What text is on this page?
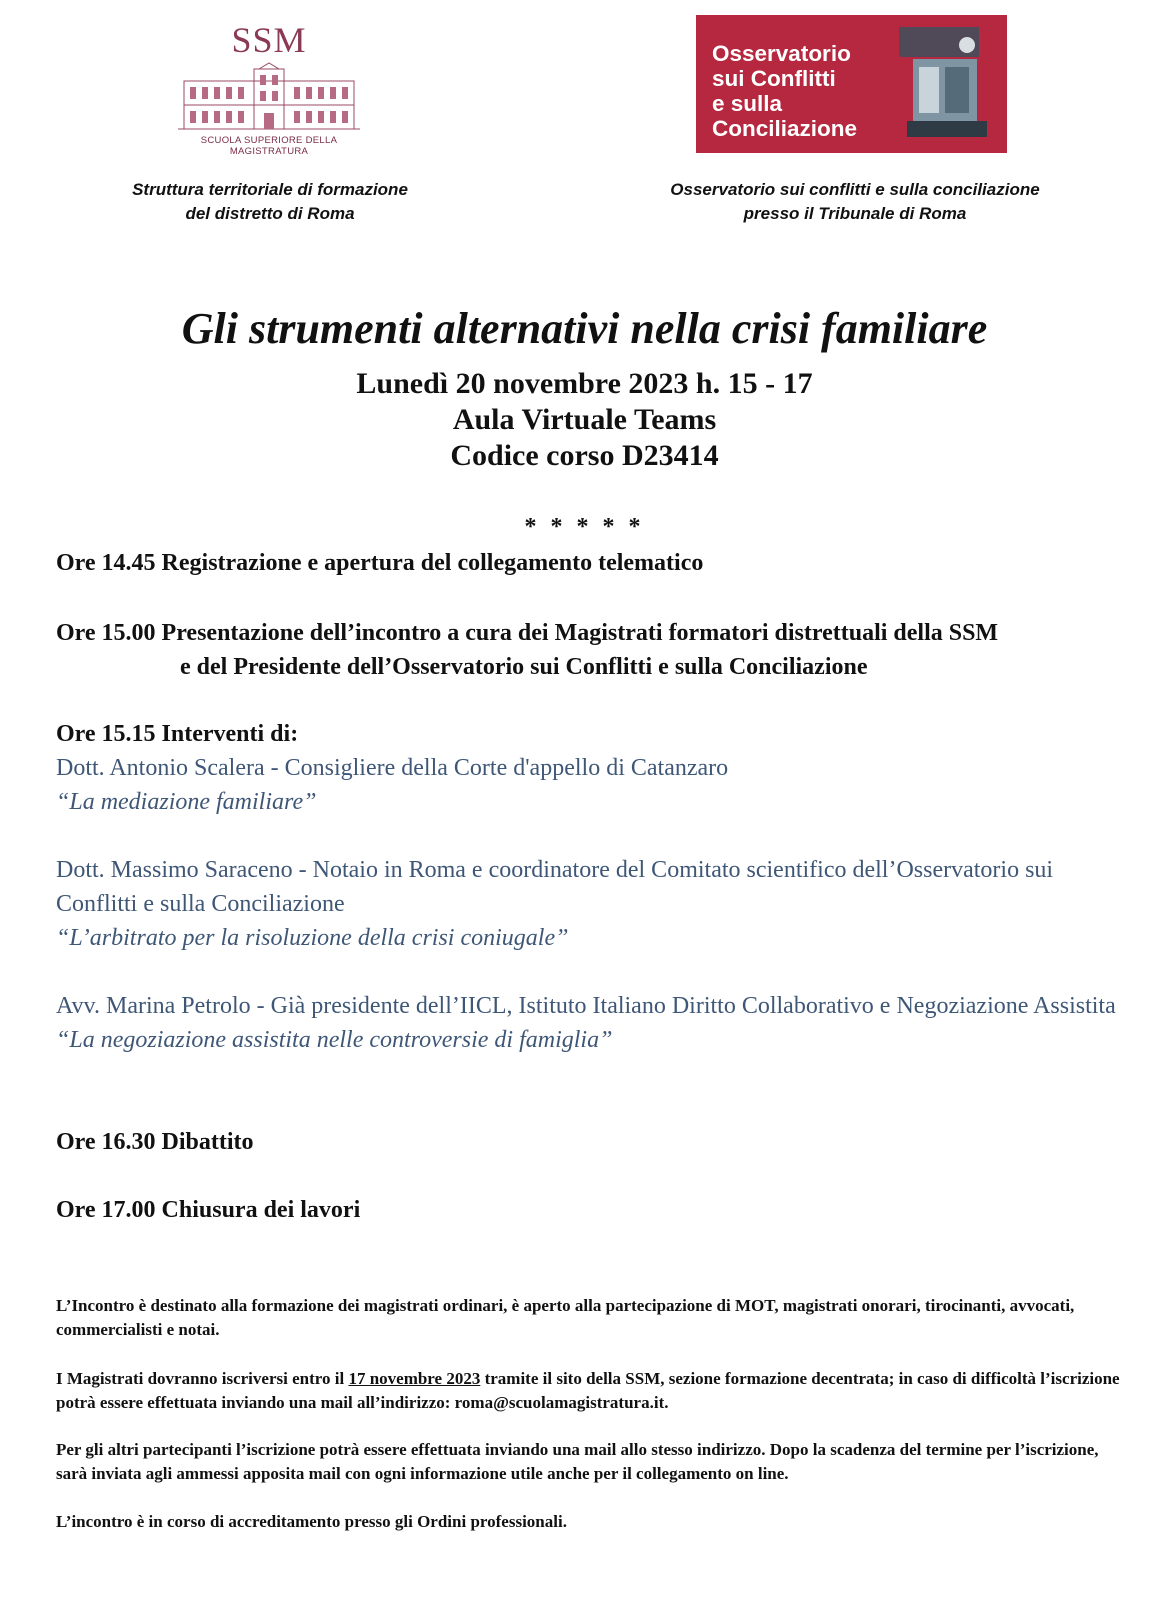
SSM
SCUOLA SUPERIORE DELLA MAGISTRATURA
Osservatorio
sui Conflitti
e sulla Conciliazione
Struttura territoriale di formazione
del distretto di Roma
Osservatorio sui conflitti e sulla conciliazione
presso il Tribunale di Roma
Gli strumenti alternativi nella crisi familiare
Lunedì 20 novembre 2023 h. 15 - 17
Aula Virtuale Teams
Codice corso D23414
* * * * *
Ore 14.45 Registrazione e apertura del collegamento telematico
Ore 15.00 Presentazione dell’incontro a cura dei Magistrati formatori distrettuali della SSM
e del Presidente dell’Osservatorio sui Conflitti e sulla Conciliazione
Ore 15.15 Interventi di:
Dott. Antonio Scalera - Consigliere della Corte d'appello di Catanzaro
“La mediazione familiare”
Dott. Massimo Saraceno - Notaio in Roma e coordinatore del Comitato scientifico dell’Osservatorio sui Conflitti e sulla Conciliazione
“L’arbitrato per la risoluzione della crisi coniugale”
Avv. Marina Petrolo - Già presidente dell’IICL, Istituto Italiano Diritto Collaborativo e Negoziazione Assistita
“La negoziazione assistita nelle controversie di famiglia”
Ore 16.30 Dibattito
Ore 17.00 Chiusura dei lavori
L’Incontro è destinato alla formazione dei magistrati ordinari, è aperto alla partecipazione di MOT, magistrati onorari, tirocinanti, avvocati, commercialisti e notai.
I Magistrati dovranno iscriversi entro il 17 novembre 2023 tramite il sito della SSM, sezione formazione decentrata; in caso di difficoltà l’iscrizione potrà essere effettuata inviando una mail all’indirizzo: roma@scuolamagistratura.it.
Per gli altri partecipanti l’iscrizione potrà essere effettuata inviando una mail allo stesso indirizzo. Dopo la scadenza del termine per l’iscrizione, sarà inviata agli ammessi apposita mail con ogni informazione utile anche per il collegamento on line.
L’incontro è in corso di accreditamento presso gli Ordini professionali.
